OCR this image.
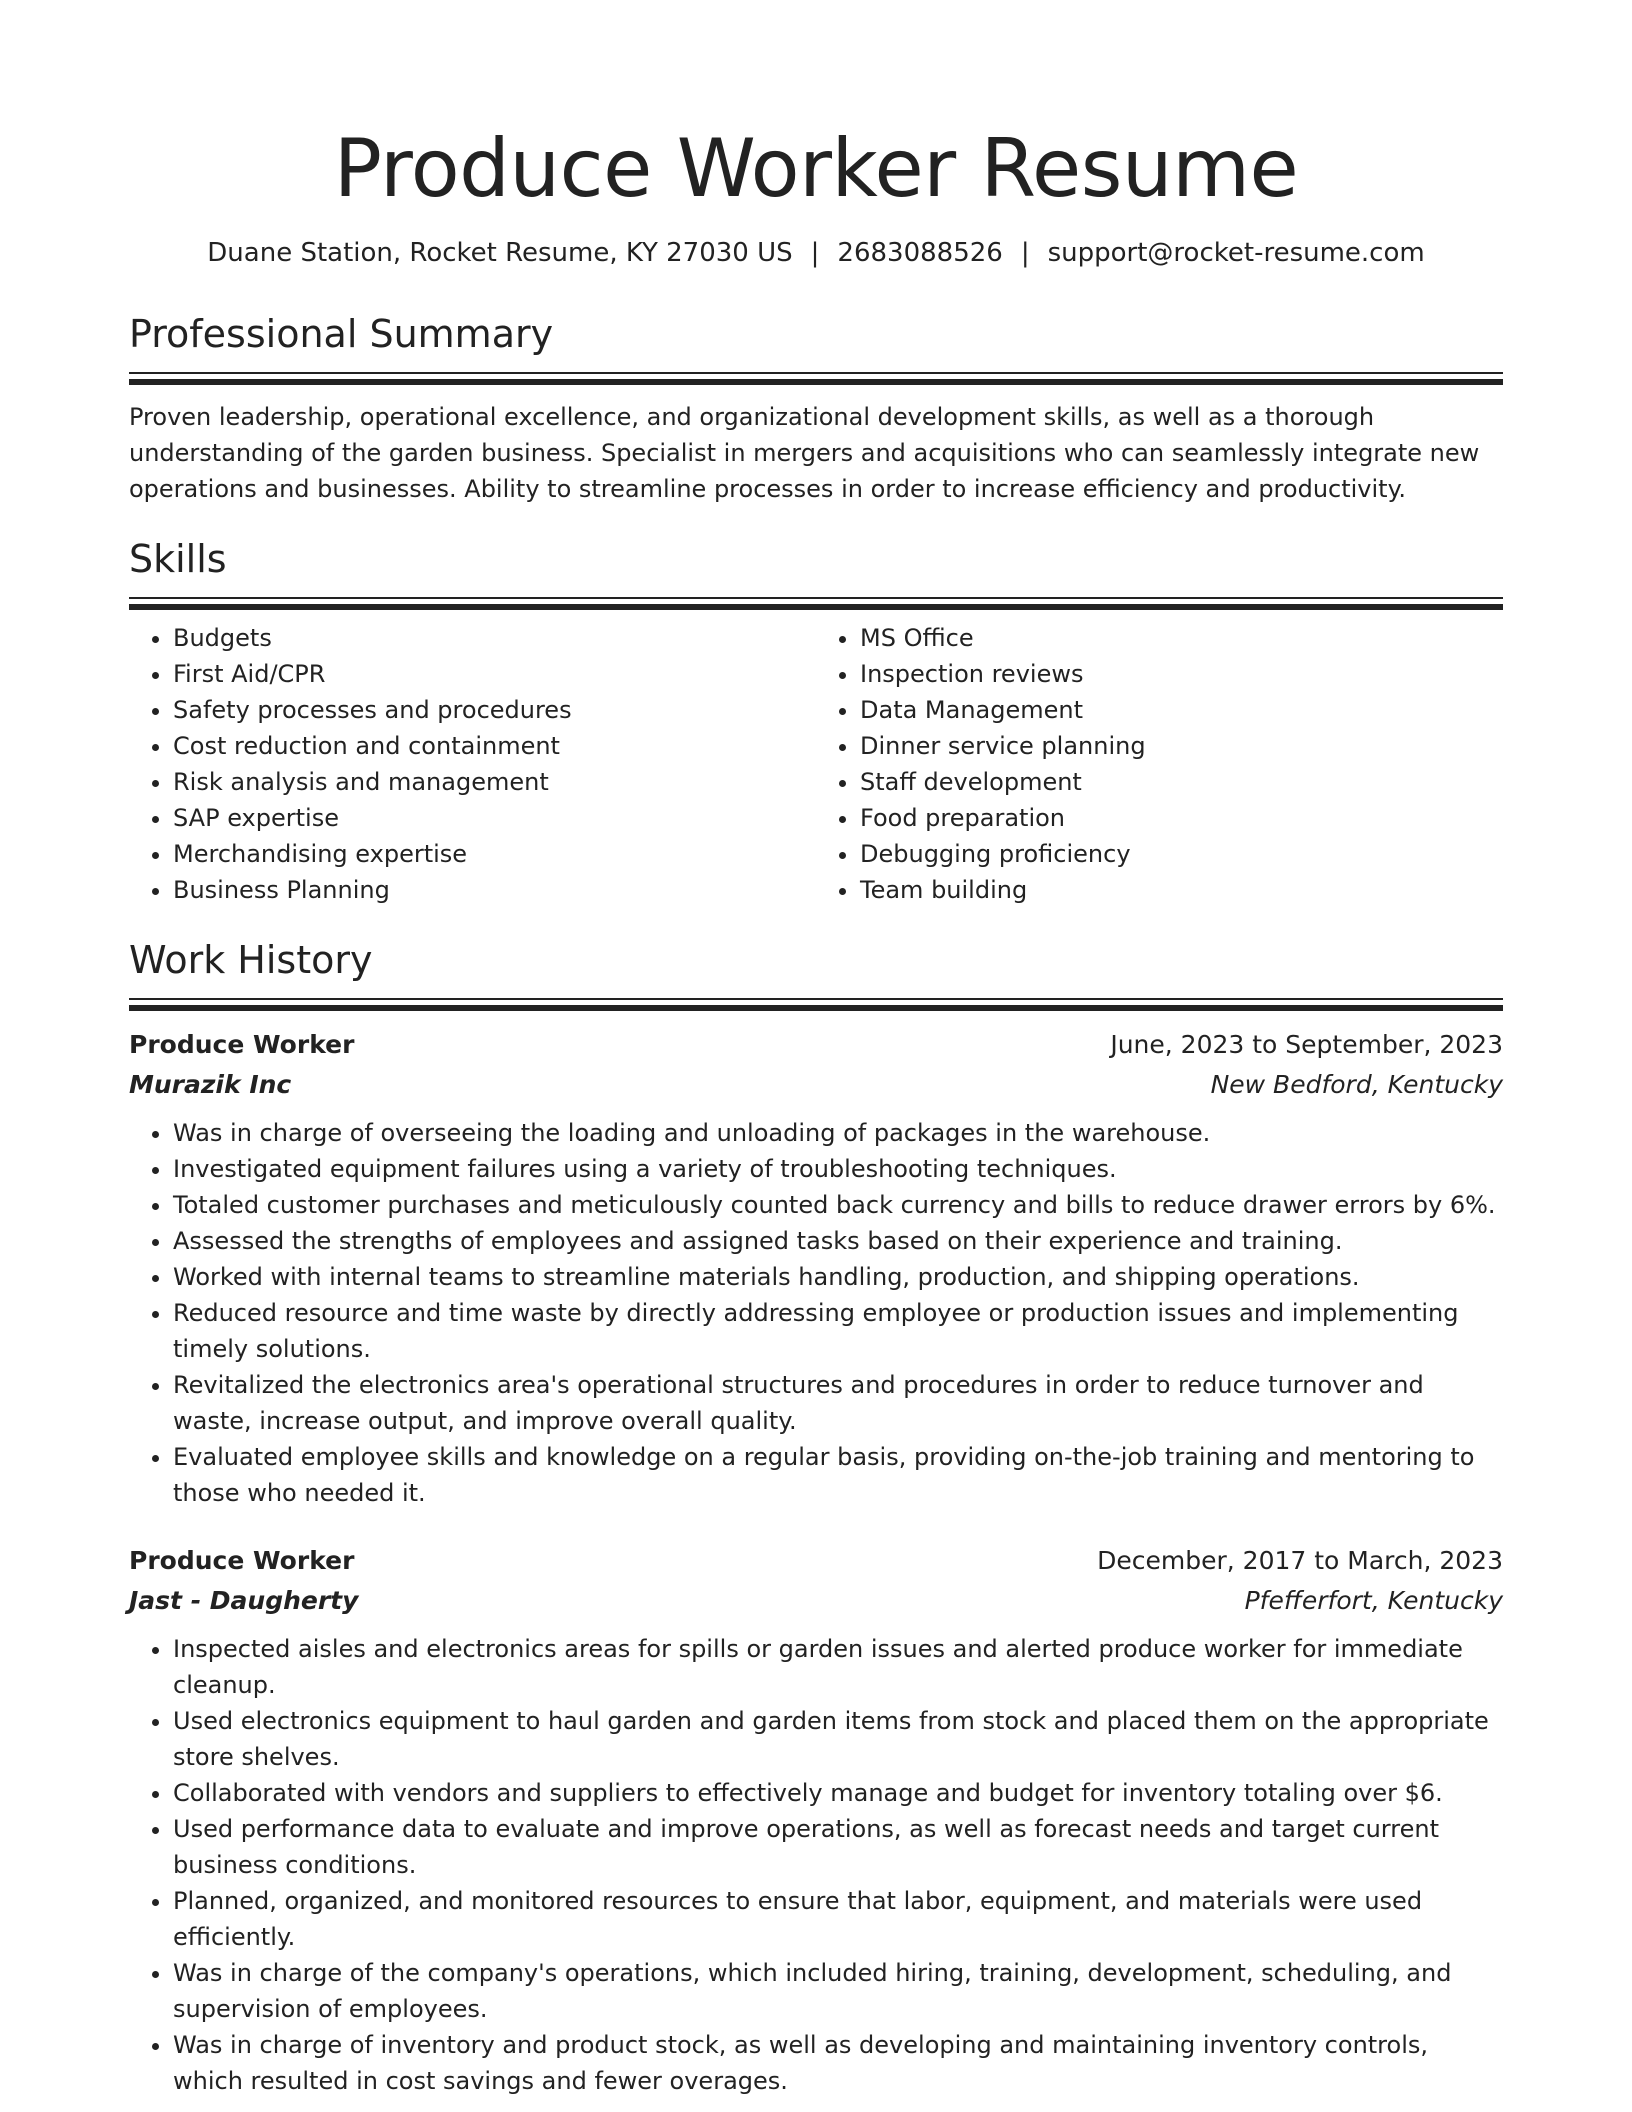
Produce Worker Resume
Duane Station, Rocket Resume, KY 27030 US | 2683088526 | support@rocket-resume.com
Professional Summary

Proven leadership, operational excellence, and organizational development skills, as well as a thorough understanding of the garden business. Specialist in mergers and acquisitions who can seamlessly integrate new operations and businesses. Ability to streamline processes in order to increase efficiency and productivity.

Skills
• Budgets
• First Aid/CPR
• Safety processes and procedures
• Cost reduction and containment
• Risk analysis and management
• SAP expertise
• Merchandising expertise
• Business Planning
• MS Office
• Inspection reviews
• Data Management
• Dinner service planning
• Staff development
• Food preparation
• Debugging proficiency
• Team building
Work History
Produce Worker	June, 2023 to September, 2023
Murazik Inc	New Bedford, Kentucky
• Was in charge of overseeing the loading and unloading of packages in the warehouse.
• Investigated equipment failures using a variety of troubleshooting techniques.
• Totaled customer purchases and meticulously counted back currency and bills to reduce drawer errors by 6%.
• Assessed the strengths of employees and assigned tasks based on their experience and training.
• Worked with internal teams to streamline materials handling, production, and shipping operations.
• Reduced resource and time waste by directly addressing employee or production issues and implementing timely solutions.
• Revitalized the electronics area's operational structures and procedures in order to reduce turnover and waste, increase output, and improve overall quality.
• Evaluated employee skills and knowledge on a regular basis, providing on-the-job training and mentoring to those who needed it.
Produce Worker	December, 2017 to March, 2023
Jast - Daugherty	Pfefferfort, Kentucky
• Inspected aisles and electronics areas for spills or garden issues and alerted produce worker for immediate cleanup.
• Used electronics equipment to haul garden and garden items from stock and placed them on the appropriate store shelves.
• Collaborated with vendors and suppliers to effectively manage and budget for inventory totaling over $6.
• Used performance data to evaluate and improve operations, as well as forecast needs and target current business conditions.
• Planned, organized, and monitored resources to ensure that labor, equipment, and materials were used efficiently.
• Was in charge of the company's operations, which included hiring, training, development, scheduling, and supervision of employees.
• Was in charge of inventory and product stock, as well as developing and maintaining inventory controls, which resulted in cost savings and fewer overages.
